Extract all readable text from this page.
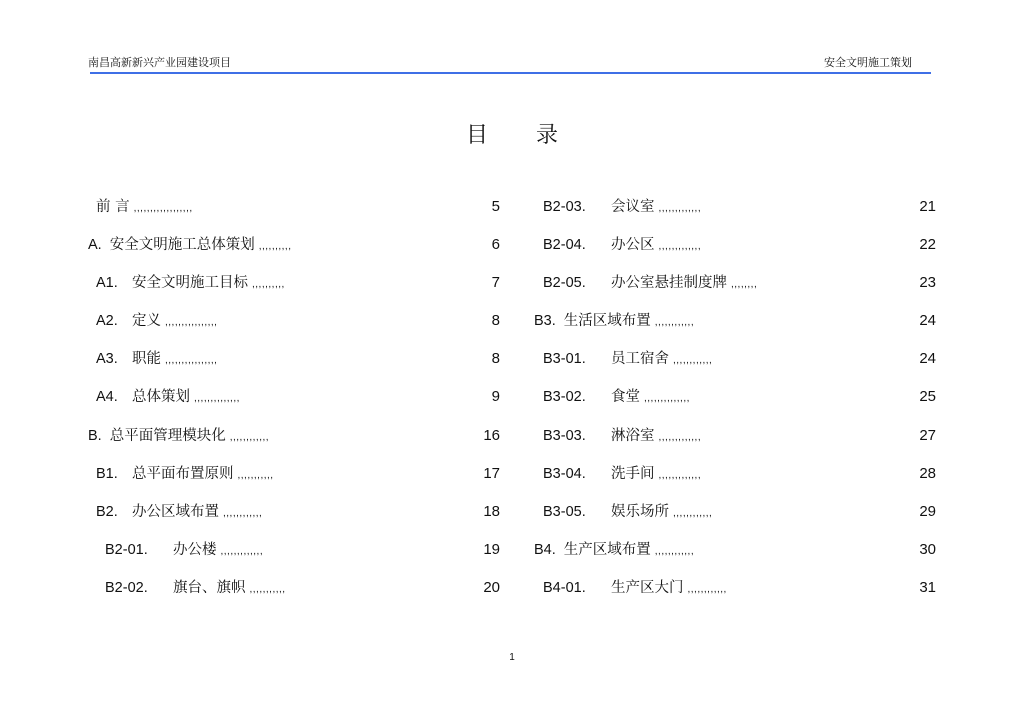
南昌高新新兴产业园建设项目	安全文明施工策划
目 录
前 言 ,,,,,,,,,,,,,,,,,,	5
A. 安全文明施工总体策划 ,,,,,,,,,,	6
A1. 安全文明施工目标 ,,,,,,,,,,	7
A2. 定义 ,,,,,,,,,,,,,,,,	8
A3. 职能 ,,,,,,,,,,,,,,,,	8
A4. 总体策划 ,,,,,,,,,,,,,,	9
B. 总平面管理模块化 ,,,,,,,,,,,,	16
B1. 总平面布置原则 ,,,,,,,,,,,	17
B2. 办公区域布置 ,,,,,,,,,,,,	18
B2-01. 办公楼 ,,,,,,,,,,,,,	19
B2-02. 旗台、旗帜 ,,,,,,,,,,,	20
B2-03. 会议室 ,,,,,,,,,,,,,	21
B2-04. 办公区 ,,,,,,,,,,,,,	22
B2-05. 办公室悬挂制度牌 ,,,,,,,,	23
B3. 生活区域布置 ,,,,,,,,,,,,	24
B3-01. 员工宿舍 ,,,,,,,,,,,,	24
B3-02. 食堂 ,,,,,,,,,,,,,,	25
B3-03. 淋浴室 ,,,,,,,,,,,,,	27
B3-04. 洗手间 ,,,,,,,,,,,,,	28
B3-05. 娱乐场所 ,,,,,,,,,,,,	29
B4. 生产区域布置 ,,,,,,,,,,,,	30
B4-01. 生产区大门 ,,,,,,,,,,,,	31
1
